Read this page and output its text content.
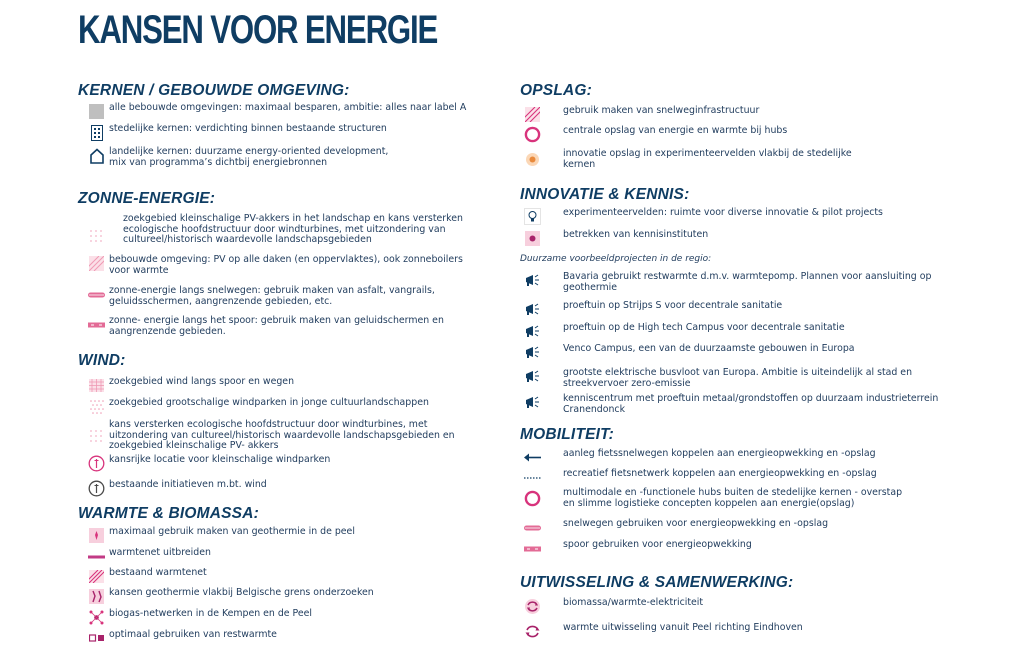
KANSEN VOOR ENERGIE
KERNEN / GEBOUWDE OMGEVING:
alle bebouwde omgevingen: maximaal besparen, ambitie: alles naar label A
stedelijke kernen: verdichting binnen bestaande structuren
landelijke kernen: duurzame energy-oriented development,
mix van programma’s dichtbij energiebronnen
ZONNE-ENERGIE:
zoekgebied kleinschalige PV-akkers in het landschap en kans versterken
ecologische hoofdstructuur door windturbines, met uitzondering van
cultureel/historisch waardevolle landschapsgebieden
bebouwde omgeving: PV op alle daken (en oppervlaktes), ook zonneboilers
voor warmte
zonne-energie langs snelwegen: gebruik maken van asfalt, vangrails,
geluidsschermen, aangrenzende gebieden, etc.
zonne- energie langs het spoor: gebruik maken van geluidschermen en
aangrenzende gebieden.
WIND:
zoekgebied wind langs spoor en wegen
zoekgebied grootschalige windparken in jonge cultuurlandschappen
kans versterken ecologische hoofdstructuur door windturbines, met
uitzondering van cultureel/historisch waardevolle landschapsgebieden en
zoekgebied kleinschalige PV- akkers
kansrijke locatie voor kleinschalige windparken
bestaande initiatieven m.bt. wind
WARMTE & BIOMASSA:
maximaal gebruik maken van geothermie in de peel
warmtenet uitbreiden
bestaand warmtenet
kansen geothermie vlakbij Belgische grens onderzoeken
biogas-netwerken in de Kempen en de Peel
optimaal gebruiken van restwarmte
OPSLAG:
gebruik maken van snelweginfrastructuur
centrale opslag van energie en warmte bij hubs
innovatie opslag in experimenteervelden vlakbij de stedelijke
kernen
INNOVATIE & KENNIS:
experimenteervelden: ruimte voor diverse innovatie & pilot projects
betrekken van kennisinstituten
Duurzame voorbeeldprojecten in de regio:
Bavaria gebruikt restwarmte d.m.v. warmtepomp. Plannen voor aansluiting op
geothermie
proeftuin op Strijps S voor decentrale sanitatie
proeftuin op de High tech Campus voor decentrale sanitatie
Venco Campus, een van de duurzaamste gebouwen in Europa
grootste elektrische busvloot van Europa. Ambitie is uiteindelijk al stad en
streekvervoer zero-emissie
kenniscentrum met proeftuin metaal/grondstoffen op duurzaam industrieterrein
Cranendonck
MOBILITEIT:
aanleg fietssnelwegen koppelen aan energieopwekking en -opslag
recreatief fietsnetwerk koppelen aan energieopwekking en -opslag
multimodale en -functionele hubs buiten de stedelijke kernen - overstap
en slimme logistieke concepten koppelen aan energie(opslag)
snelwegen gebruiken voor energieopwekking en -opslag
spoor gebruiken voor energieopwekking
UITWISSELING & SAMENWERKING:
biomassa/warmte-elektriciteit
warmte uitwisseling vanuit Peel richting Eindhoven
